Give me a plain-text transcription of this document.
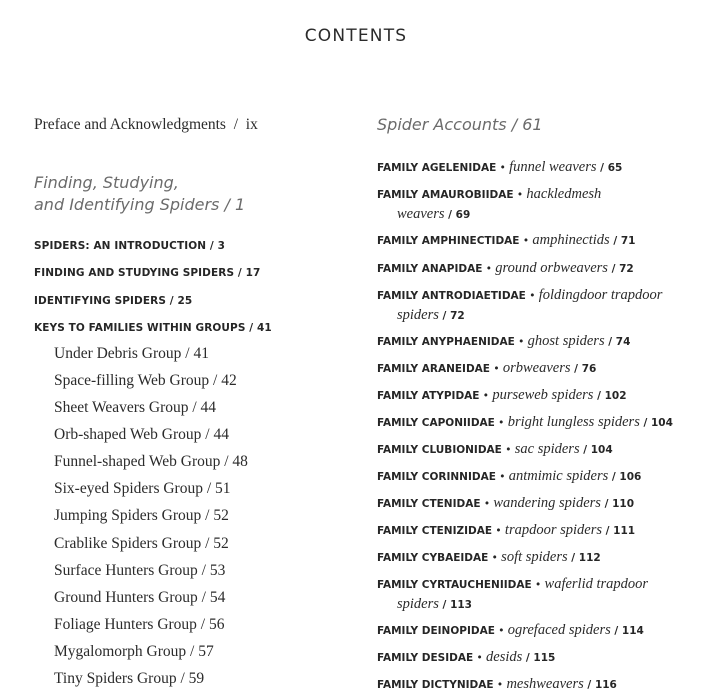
CONTENTS
Preface and Acknowledgments  /  ix
Finding, Studying,
and Identifying Spiders / 1
SPIDERS: AN INTRODUCTION / 3
FINDING AND STUDYING SPIDERS / 17
IDENTIFYING SPIDERS / 25
KEYS TO FAMILIES WITHIN GROUPS / 41
Under Debris Group / 41
Space-filling Web Group / 42
Sheet Weavers Group / 44
Orb-shaped Web Group / 44
Funnel-shaped Web Group / 48
Six-eyed Spiders Group / 51
Jumping Spiders Group / 52
Crablike Spiders Group / 52
Surface Hunters Group / 53
Ground Hunters Group / 54
Foliage Hunters Group / 56
Mygalomorph Group / 57
Tiny Spiders Group / 59
Spider Accounts / 61
FAMILY AGELENIDAE • funnel weavers / 65
FAMILY AMAUROBIIDAE • hackledmesh
weavers / 69
FAMILY AMPHINECTIDAE • amphinectids / 71
FAMILY ANAPIDAE • ground orbweavers / 72
FAMILY ANTRODIAETIDAE • foldingdoor trapdoor
spiders / 72
FAMILY ANYPHAENIDAE • ghost spiders / 74
FAMILY ARANEIDAE • orbweavers / 76
FAMILY ATYPIDAE • purseweb spiders / 102
FAMILY CAPONIIDAE • bright lungless spiders / 104
FAMILY CLUBIONIDAE • sac spiders / 104
FAMILY CORINNIDAE • antmimic spiders / 106
FAMILY CTENIDAE • wandering spiders / 110
FAMILY CTENIZIDAE • trapdoor spiders / 111
FAMILY CYBAEIDAE • soft spiders / 112
FAMILY CYRTAUCHENIIDAE • waferlid trapdoor
spiders / 113
FAMILY DEINOPIDAE • ogrefaced spiders / 114
FAMILY DESIDAE • desids / 115
FAMILY DICTYNIDAE • meshweavers / 116
